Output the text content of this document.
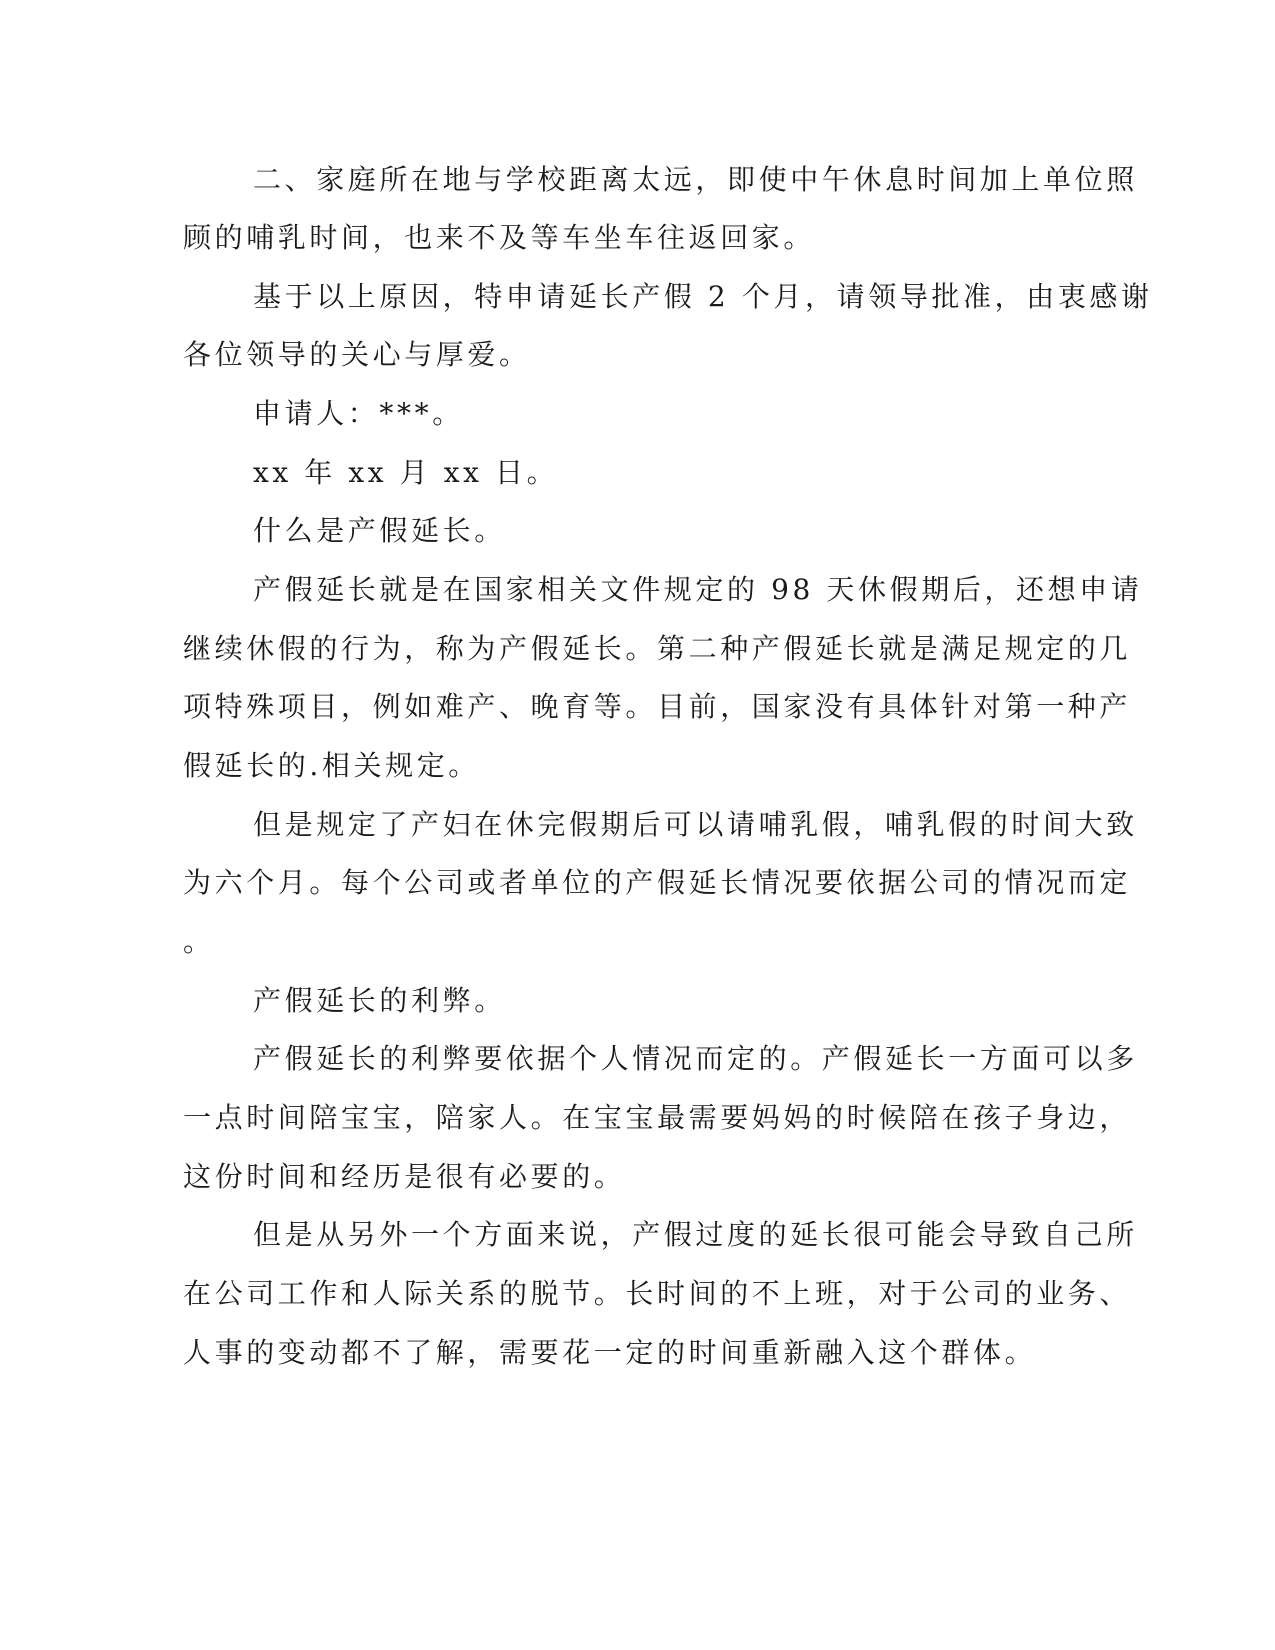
二、家庭所在地与学校距离太远，即使中午休息时间加上单位照
顾的哺乳时间，也来不及等车坐车往返回家。
基于以上原因，特申请延长产假 2 个月，请领导批准，由衷感谢
各位领导的关心与厚爱。
申请人：***。
xx 年 xx 月 xx 日。
什么是产假延长。
产假延长就是在国家相关文件规定的 98 天休假期后，还想申请
继续休假的行为，称为产假延长。第二种产假延长就是满足规定的几
项特殊项目，例如难产、晚育等。目前，国家没有具体针对第一种产
假延长的.相关规定。
但是规定了产妇在休完假期后可以请哺乳假，哺乳假的时间大致
为六个月。每个公司或者单位的产假延长情况要依据公司的情况而定
。
产假延长的利弊。
产假延长的利弊要依据个人情况而定的。产假延长一方面可以多
一点时间陪宝宝，陪家人。在宝宝最需要妈妈的时候陪在孩子身边，
这份时间和经历是很有必要的。
但是从另外一个方面来说，产假过度的延长很可能会导致自己所
在公司工作和人际关系的脱节。长时间的不上班，对于公司的业务、
人事的变动都不了解，需要花一定的时间重新融入这个群体。
